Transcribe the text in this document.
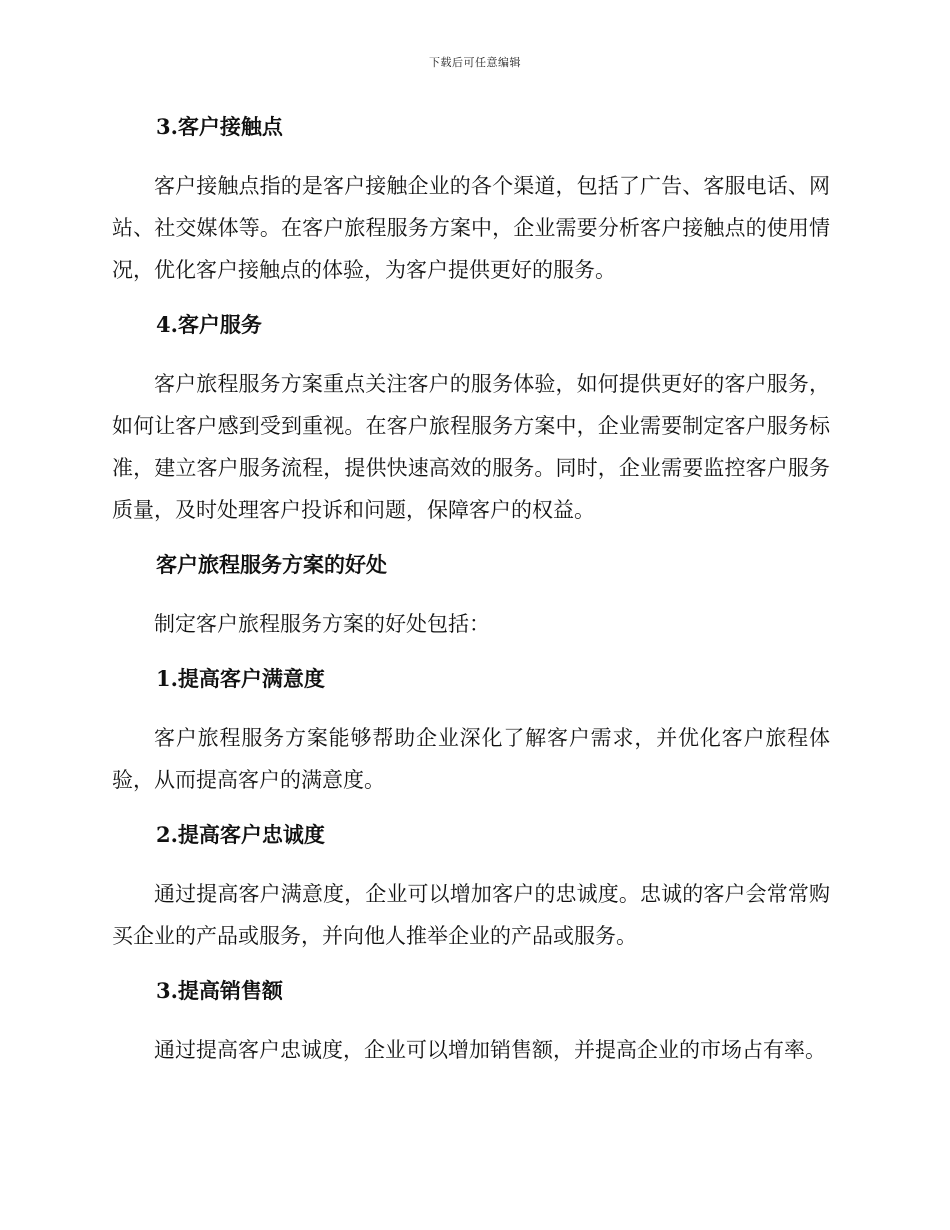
下载后可任意编辑
3.客户接触点

客户接触点指的是客户接触企业的各个渠道，包括了广告、客服电话、网站、社交媒体等。在客户旅程服务方案中，企业需要分析客户接触点的使用情况，优化客户接触点的体验，为客户提供更好的服务。

4.客户服务

客户旅程服务方案重点关注客户的服务体验，如何提供更好的客户服务，如何让客户感到受到重视。在客户旅程服务方案中，企业需要制定客户服务标准，建立客户服务流程，提供快速高效的服务。同时，企业需要监控客户服务质量，及时处理客户投诉和问题，保障客户的权益。

客户旅程服务方案的好处

制定客户旅程服务方案的好处包括：

1.提高客户满意度

客户旅程服务方案能够帮助企业深化了解客户需求，并优化客户旅程体验，从而提高客户的满意度。

2.提高客户忠诚度

通过提高客户满意度，企业可以增加客户的忠诚度。忠诚的客户会常常购买企业的产品或服务，并向他人推举企业的产品或服务。

3.提高销售额

通过提高客户忠诚度，企业可以增加销售额，并提高企业的市场占有率。
